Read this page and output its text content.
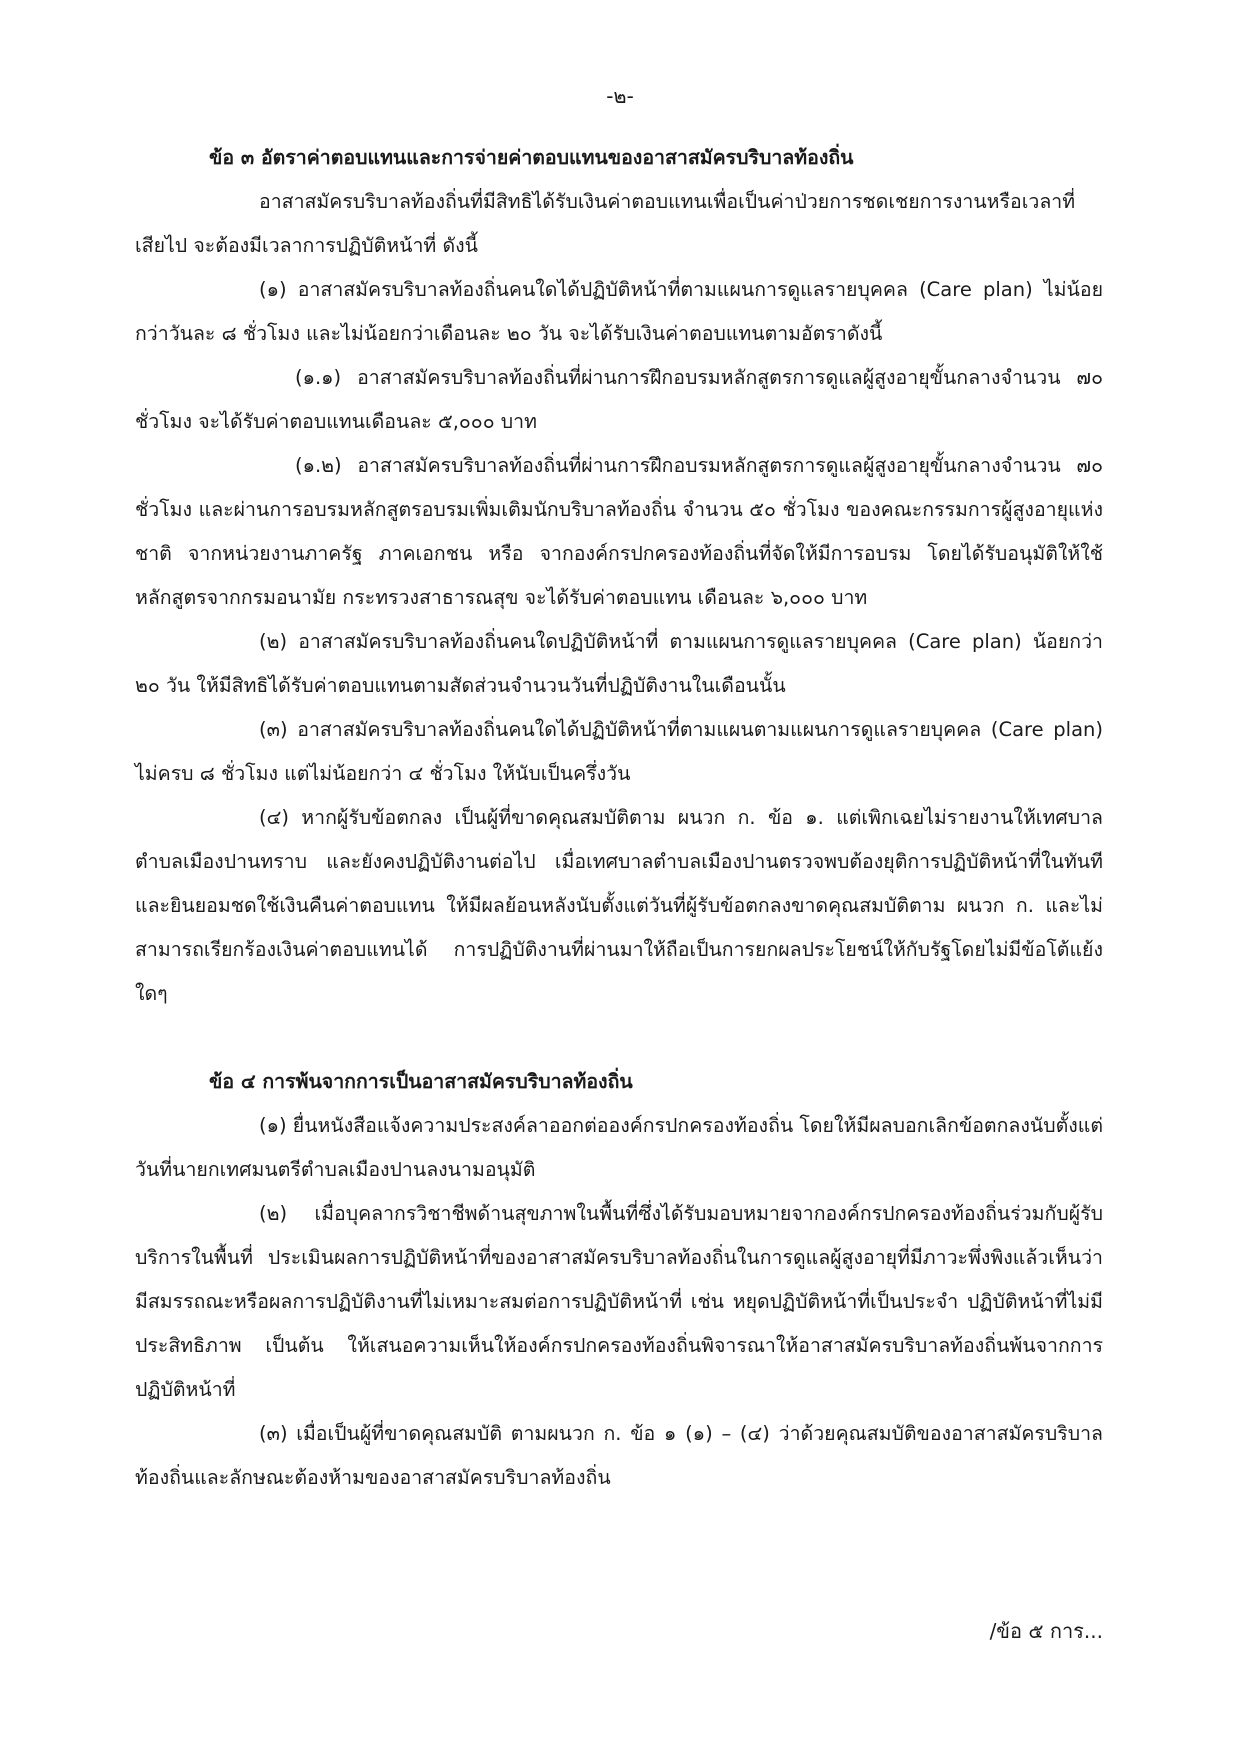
-๒-

ข้อ ๓ อัตราค่าตอบแทนและการจ่ายค่าตอบแทนของอาสาสมัครบริบาลท้องถิ่น

อาสาสมัครบริบาลท้องถิ่นที่มีสิทธิได้รับเงินค่าตอบแทนเพื่อเป็นค่าป่วยการชดเชยการงานหรือเวลาที่เสียไป จะต้องมีเวลาการปฏิบัติหน้าที่ ดังนี้

(๑) อาสาสมัครบริบาลท้องถิ่นคนใดได้ปฏิบัติหน้าที่ตามแผนการดูแลรายบุคคล (Care plan) ไม่น้อยกว่าวันละ ๘ ชั่วโมง และไม่น้อยกว่าเดือนละ ๒๐ วัน จะได้รับเงินค่าตอบแทนตามอัตราดังนี้

(๑.๑) อาสาสมัครบริบาลท้องถิ่นที่ผ่านการฝึกอบรมหลักสูตรการดูแลผู้สูงอายุขั้นกลางจำนวน ๗๐ ชั่วโมง จะได้รับค่าตอบแทนเดือนละ ๕,๐๐๐ บาท

(๑.๒) อาสาสมัครบริบาลท้องถิ่นที่ผ่านการฝึกอบรมหลักสูตรการดูแลผู้สูงอายุขั้นกลางจำนวน ๗๐ ชั่วโมง และผ่านการอบรมหลักสูตรอบรมเพิ่มเติมนักบริบาลท้องถิ่น จำนวน ๕๐ ชั่วโมง ของคณะกรรมการผู้สูงอายุแห่งชาติ จากหน่วยงานภาครัฐ ภาคเอกชน หรือ จากองค์กรปกครองท้องถิ่นที่จัดให้มีการอบรม โดยได้รับอนุมัติให้ใช้หลักสูตรจากกรมอนามัย กระทรวงสาธารณสุข จะได้รับค่าตอบแทน เดือนละ ๖,๐๐๐ บาท

(๒) อาสาสมัครบริบาลท้องถิ่นคนใดปฏิบัติหน้าที่ ตามแผนการดูแลรายบุคคล (Care plan) น้อยกว่า ๒๐ วัน ให้มีสิทธิได้รับค่าตอบแทนตามสัดส่วนจำนวนวันที่ปฏิบัติงานในเดือนนั้น

(๓) อาสาสมัครบริบาลท้องถิ่นคนใดได้ปฏิบัติหน้าที่ตามแผนตามแผนการดูแลรายบุคคล (Care plan) ไม่ครบ ๘ ชั่วโมง แต่ไม่น้อยกว่า ๔ ชั่วโมง ให้นับเป็นครึ่งวัน

(๔) หากผู้รับข้อตกลง เป็นผู้ที่ขาดคุณสมบัติตาม ผนวก ก. ข้อ ๑. แต่เพิกเฉยไม่รายงานให้เทศบาลตำบลเมืองปานทราบ และยังคงปฏิบัติงานต่อไป เมื่อเทศบาลตำบลเมืองปานตรวจพบต้องยุติการปฏิบัติหน้าที่ในทันที และยินยอมชดใช้เงินคืนค่าตอบแทน ให้มีผลย้อนหลังนับตั้งแต่วันที่ผู้รับข้อตกลงขาดคุณสมบัติตาม ผนวก ก. และไม่สามารถเรียกร้องเงินค่าตอบแทนได้ การปฏิบัติงานที่ผ่านมาให้ถือเป็นการยกผลประโยชน์ให้กับรัฐโดยไม่มีข้อโต้แย้งใดๆ

ข้อ ๔ การพ้นจากการเป็นอาสาสมัครบริบาลท้องถิ่น

(๑) ยื่นหนังสือแจ้งความประสงค์ลาออกต่อองค์กรปกครองท้องถิ่น โดยให้มีผลบอกเลิกข้อตกลงนับตั้งแต่วันที่นายกเทศมนตรีตำบลเมืองปานลงนามอนุมัติ

(๒) เมื่อบุคลากรวิชาชีพด้านสุขภาพในพื้นที่ซึ่งได้รับมอบหมายจากองค์กรปกครองท้องถิ่นร่วมกับผู้รับบริการในพื้นที่ ประเมินผลการปฏิบัติหน้าที่ของอาสาสมัครบริบาลท้องถิ่นในการดูแลผู้สูงอายุที่มีภาวะพึ่งพิงแล้วเห็นว่า มีสมรรถณะหรือผลการปฏิบัติงานที่ไม่เหมาะสมต่อการปฏิบัติหน้าที่ เช่น หยุดปฏิบัติหน้าที่เป็นประจำ ปฏิบัติหน้าที่ไม่มีประสิทธิภาพ เป็นต้น ให้เสนอความเห็นให้องค์กรปกครองท้องถิ่นพิจารณาให้อาสาสมัครบริบาลท้องถิ่นพ้นจากการปฏิบัติหน้าที่

(๓) เมื่อเป็นผู้ที่ขาดคุณสมบัติ ตามผนวก ก. ข้อ ๑ (๑) – (๔) ว่าด้วยคุณสมบัติของอาสาสมัครบริบาลท้องถิ่นและลักษณะต้องห้ามของอาสาสมัครบริบาลท้องถิ่น

/ข้อ ๕ การ...
